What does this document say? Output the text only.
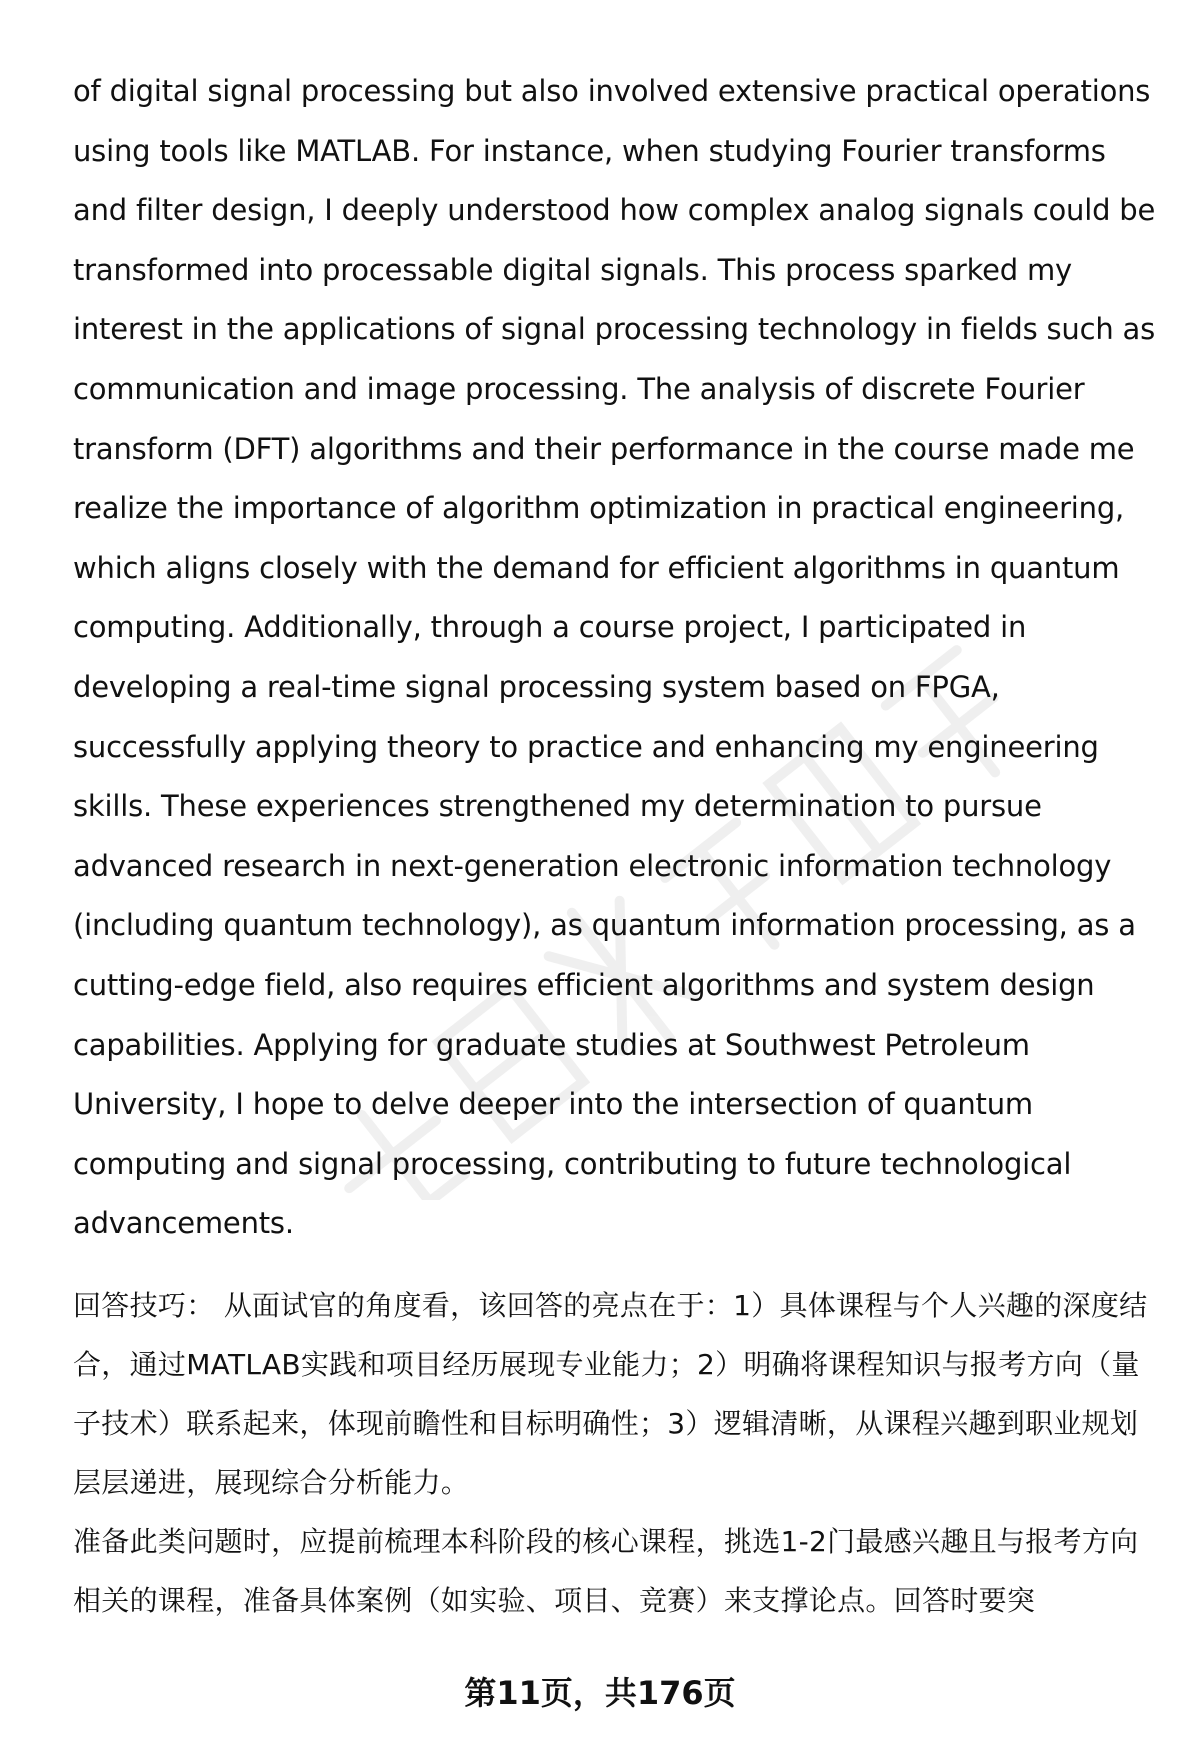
of digital signal processing but also involved extensive practical operations using tools like MATLAB. For instance, when studying Fourier transforms and filter design, I deeply understood how complex analog signals could be transformed into processable digital signals. This process sparked my interest in the applications of signal processing technology in fields such as communication and image processing. The analysis of discrete Fourier transform (DFT) algorithms and their performance in the course made me realize the importance of algorithm optimization in practical engineering, which aligns closely with the demand for efficient algorithms in quantum computing. Additionally, through a course project, I participated in developing a real-time signal processing system based on FPGA, successfully applying theory to practice and enhancing my engineering skills. These experiences strengthened my determination to pursue advanced research in next-generation electronic information technology (including quantum technology), as quantum information processing, as a cutting-edge field, also requires efficient algorithms and system design capabilities. Applying for graduate studies at Southwest Petroleum University, I hope to delve deeper into the intersection of quantum computing and signal processing, contributing to future technological advancements.

回答技巧： 从面试官的角度看，该回答的亮点在于：1）具体课程与个人兴趣的深度结合，通过MATLAB实践和项目经历展现专业能力；2）明确将课程知识与报考方向（量子技术）联系起来，体现前瞻性和目标明确性；3）逻辑清晰，从课程兴趣到职业规划层层递进，展现综合分析能力。

准备此类问题时，应提前梳理本科阶段的核心课程，挑选1-2门最感兴趣且与报考方向相关的课程，准备具体案例（如实验、项目、竞赛）来支撑论点。回答时要突

第11页，共176页
